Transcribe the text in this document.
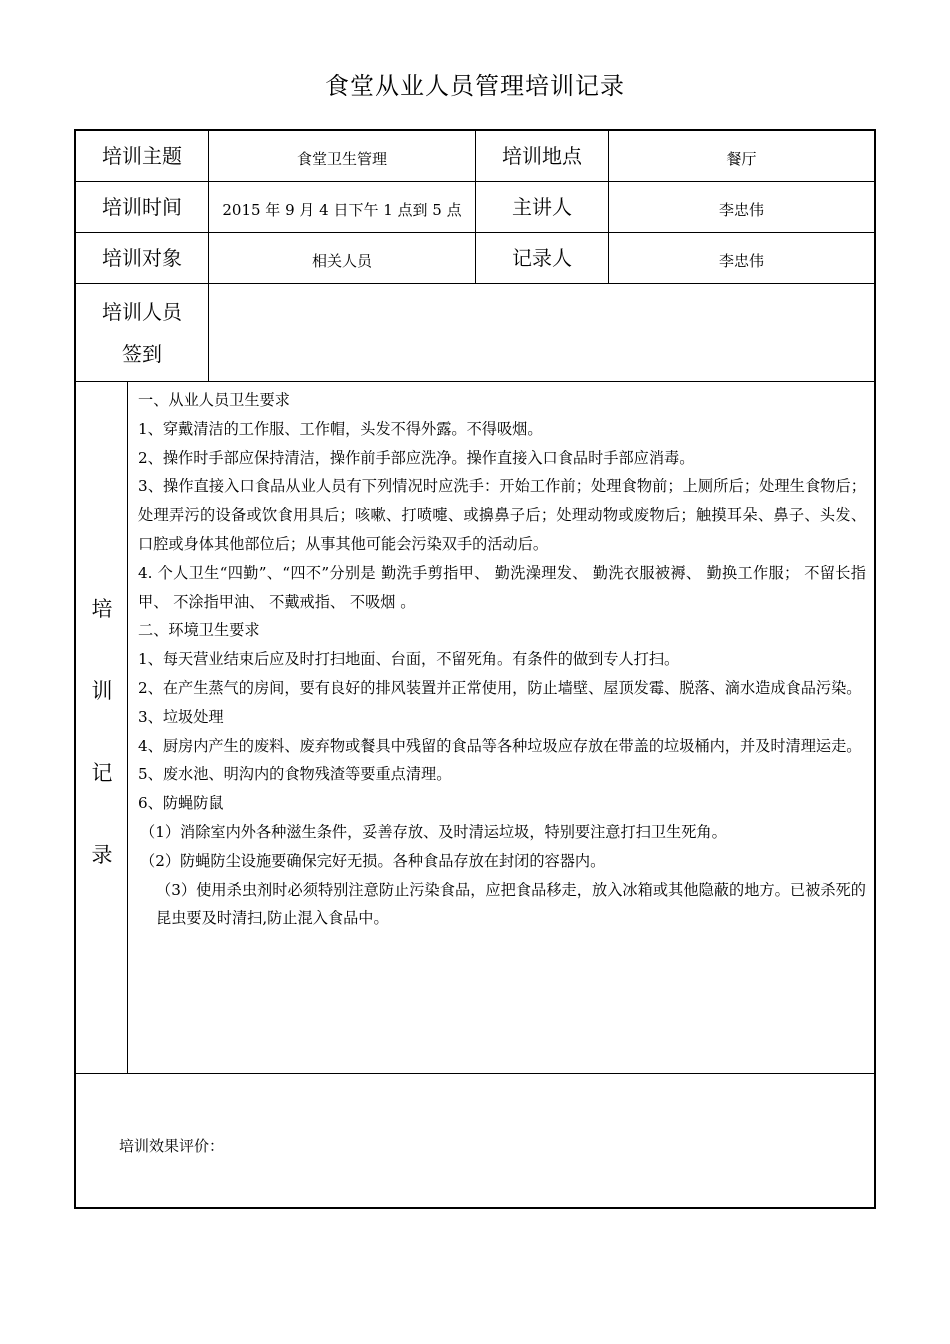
食堂从业人员管理培训记录
培训主题	食堂卫生管理	培训地点	餐厅
培训时间	2015 年 9 月 4 日下午 1 点到 5 点	主讲人	李忠伟
培训对象	相关人员	记录人	李忠伟
培训人员
签到
培
训
记
录

一、从业人员卫生要求

1、穿戴清洁的工作服、工作帽，头发不得外露。不得吸烟。

2、操作时手部应保持清洁，操作前手部应洗净。操作直接入口食品时手部应消毒。

3、操作直接入口食品从业人员有下列情况时应洗手：开始工作前；处理食物前；上厕所后；处理生食物后；处理弄污的设备或饮食用具后；咳嗽、打喷嚏、或擤鼻子后；处理动物或废物后；触摸耳朵、鼻子、头发、口腔或身体其他部位后；从事其他可能会污染双手的活动后。

4. 个人卫生“四勤”、“四不”分别是 勤洗手剪指甲、 勤洗澡理发、 勤洗衣服被褥、 勤换工作服； 不留长指甲、 不涂指甲油、 不戴戒指、 不吸烟 。

二、环境卫生要求

1、每天营业结束后应及时打扫地面、台面，不留死角。有条件的做到专人打扫。

2、在产生蒸气的房间，要有良好的排风装置并正常使用，防止墙壁、屋顶发霉、脱落、滴水造成食品污染。

3、垃圾处理

4、厨房内产生的废料、废弃物或餐具中残留的食品等各种垃圾应存放在带盖的垃圾桶内，并及时清理运走。

5、废水池、明沟内的食物残渣等要重点清理。

6、防蝇防鼠

（1）消除室内外各种滋生条件，妥善存放、及时清运垃圾，特别要注意打扫卫生死角。

（2）防蝇防尘设施要确保完好无损。各种食品存放在封闭的容器内。

（3）使用杀虫剂时必须特别注意防止污染食品，应把食品移走，放入冰箱或其他隐蔽的地方。已被杀死的昆虫要及时清扫,防止混入食品中。

培训效果评价：
